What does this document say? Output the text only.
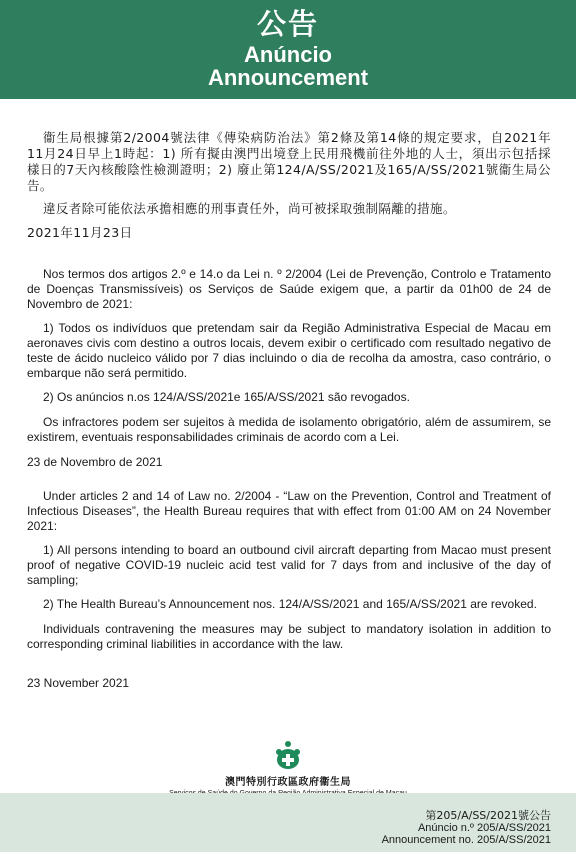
公告
Anúncio
Announcement

衞生局根據第2/2004號法律《傳染病防治法》第2條及第14條的規定要求，自2021年11月24日早上1時起：1) 所有擬由澳門出境登上民用飛機前往外地的人士，須出示包括採樣日的7天內核酸陰性檢測證明；2) 廢止第124/A/SS/2021及165/A/SS/2021號衞生局公告。

違反者除可能依法承擔相應的刑事責任外，尚可被採取強制隔離的措施。

2021年11月23日

Nos termos dos artigos 2.º e 14.o da Lei n. º 2/2004 (Lei de Prevenção, Controlo e Tratamento de Doenças Transmissíveis) os Serviços de Saúde exigem que, a partir da 01h00 de 24 de Novembro de 2021:

1) Todos os indivíduos que pretendam sair da Região Administrativa Especial de Macau em aeronaves civis com destino a outros locais, devem exibir o certificado com resultado negativo de teste de ácido nucleico válido por 7 dias incluindo o dia de recolha da amostra, caso contrário, o embarque não será permitido.

2) Os anúncios n.os 124/A/SS/2021e 165/A/SS/2021 são revogados.

Os infractores podem ser sujeitos à medida de isolamento obrigatório, além de assumirem, se existirem, eventuais responsabilidades criminais de acordo com a Lei.

23 de Novembro de 2021

Under articles 2 and 14 of Law no. 2/2004 - “Law on the Prevention, Control and Treatment of Infectious Diseases”, the Health Bureau requires that with effect from 01:00 AM on 24 November 2021:

1) All persons intending to board an outbound civil aircraft departing from Macao must present proof of negative COVID-19 nucleic acid test valid for 7 days from and inclusive of the day of sampling;

2) The Health Bureau’s Announcement nos. 124/A/SS/2021 and 165/A/SS/2021 are revoked.

Individuals contravening the measures may be subject to mandatory isolation in addition to corresponding criminal liabilities in accordance with the law.

23 November 2021

澳門特別行政區政府衞生局
第205/A/SS/2021號公告
Anúncio n.º 205/A/SS/2021
Announcement no. 205/A/SS/2021
